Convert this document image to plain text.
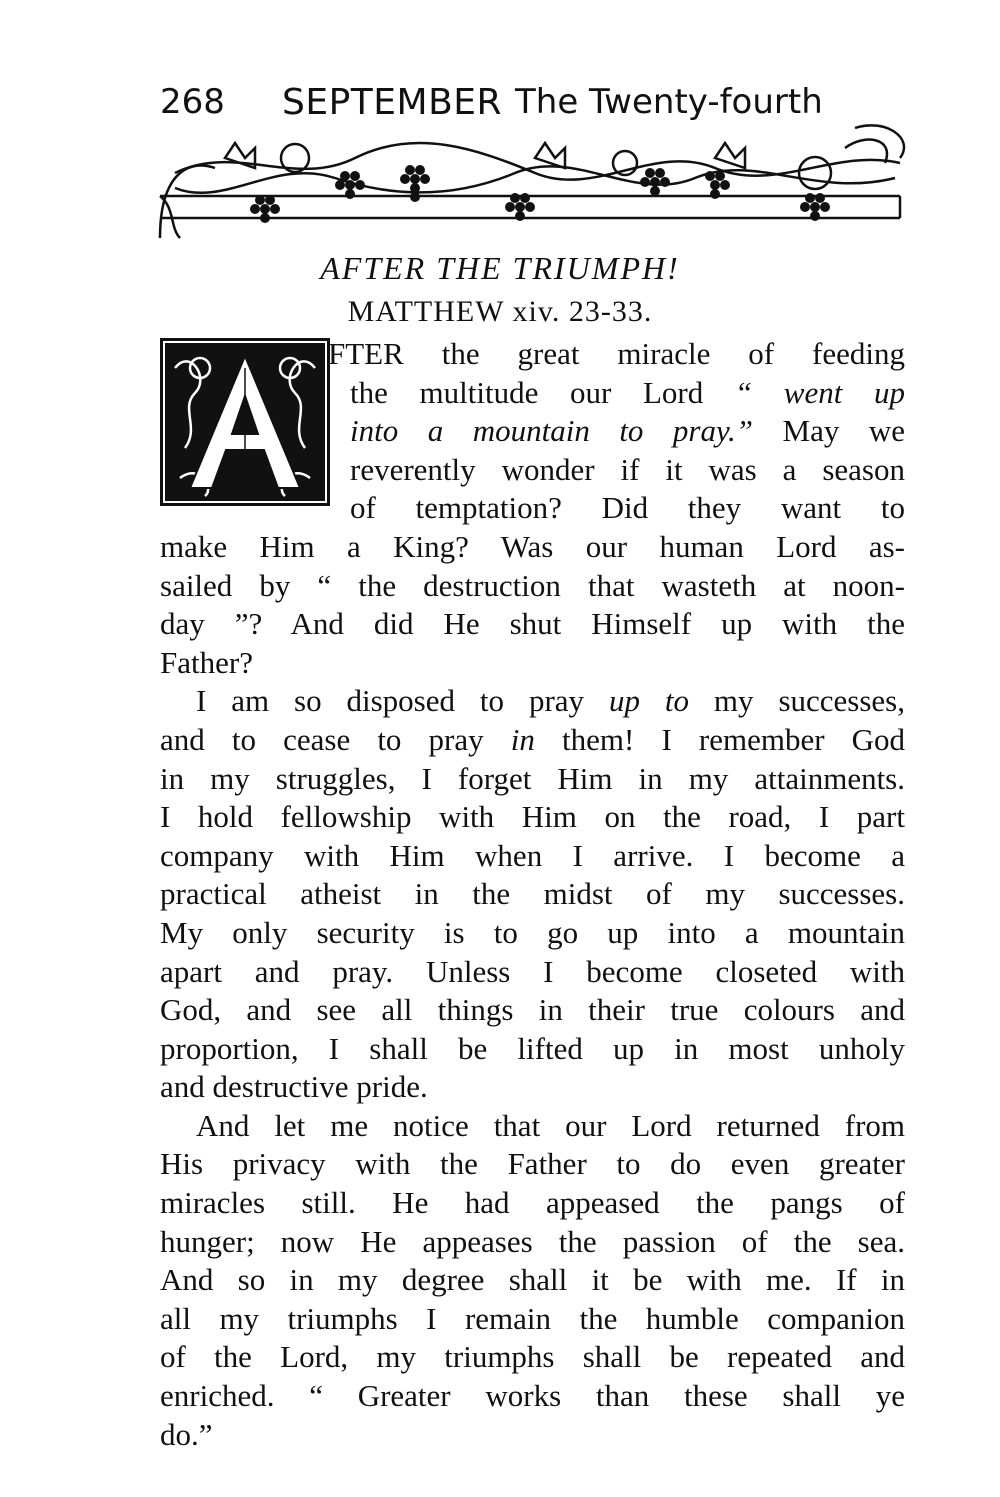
268 SEPTEMBER The Twenty-fourth
AFTER THE TRIUMPH!
MATTHEW xiv. 23-33.
A
FTER the great miracle of feeding
the multitude our Lord “ went up
into a mountain to pray.” May we
reverently wonder if it was a season
of temptation? Did they want to
make Him a King? Was our human Lord as-
sailed by “ the destruction that wasteth at noon-
day ”? And did He shut Himself up with the
Father?
I am so disposed to pray up to my successes,
and to cease to pray in them! I remember God
in my struggles, I forget Him in my attainments.
I hold fellowship with Him on the road, I part
company with Him when I arrive. I become a
practical atheist in the midst of my successes.
My only security is to go up into a mountain
apart and pray. Unless I become closeted with
God, and see all things in their true colours and
proportion, I shall be lifted up in most unholy
and destructive pride.
And let me notice that our Lord returned from
His privacy with the Father to do even greater
miracles still. He had appeased the pangs of
hunger; now He appeases the passion of the sea.
And so in my degree shall it be with me. If in
all my triumphs I remain the humble companion
of the Lord, my triumphs shall be repeated and
enriched. “ Greater works than these shall ye
do.”
